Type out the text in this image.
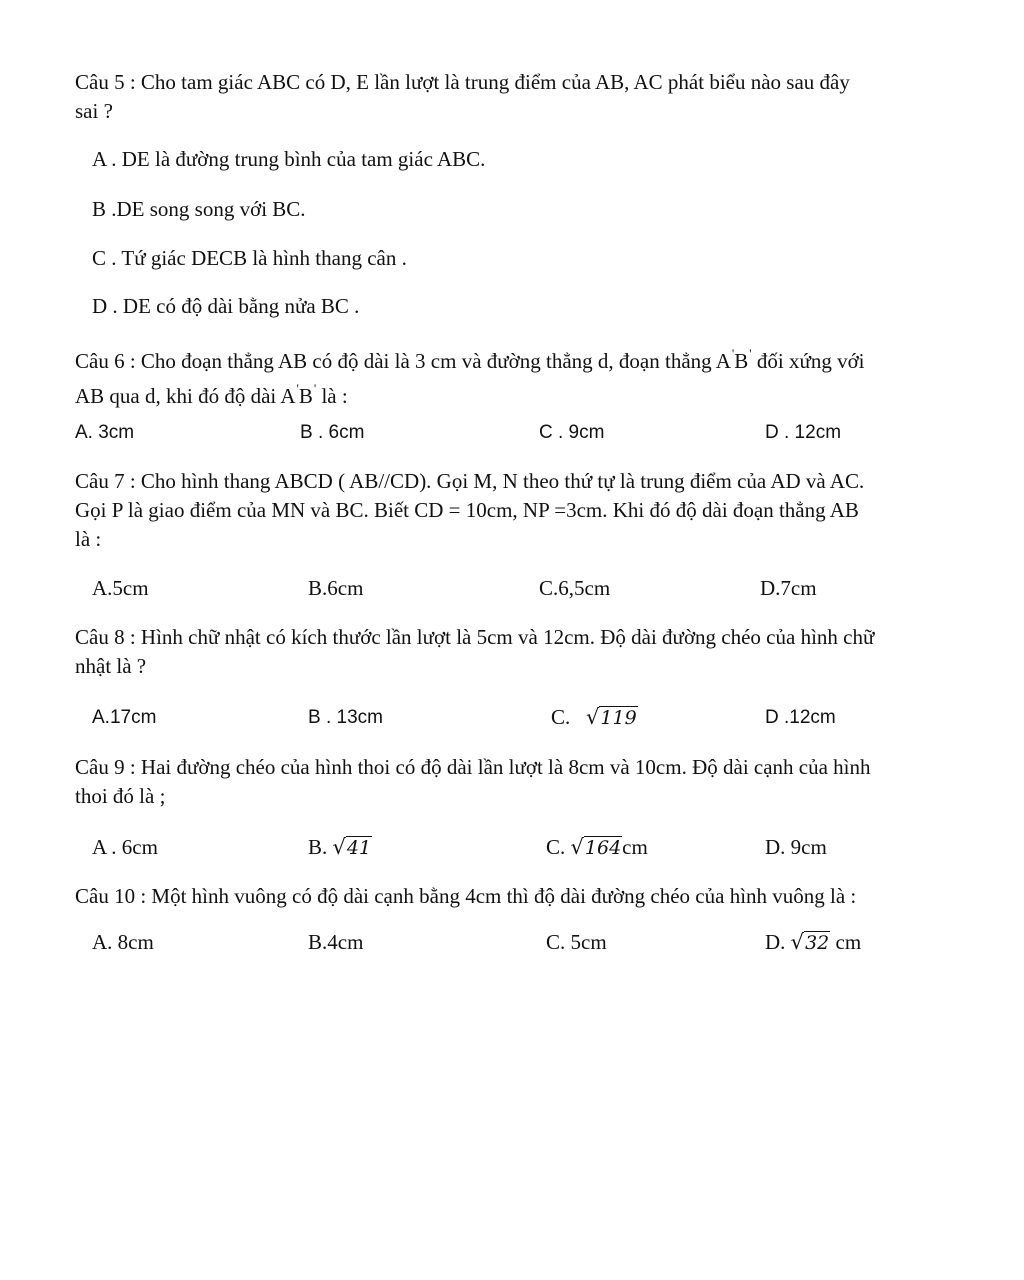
Câu 5 : Cho tam giác ABC có D, E lần lượt là trung điểm của AB, AC phát biểu nào sau đây
sai ?
A . DE là đường trung bình của tam giác ABC.
B .DE song song với BC.
C . Tứ giác DECB là hình thang cân .
D . DE có độ dài bằng nửa BC .
Câu 6 : Cho đoạn thẳng AB có độ dài là 3 cm và đường thẳng d, đoạn thẳng A'B' đối xứng với
AB qua d, khi đó độ dài A'B' là :
A. 3cm	B . 6cm	C . 9cm	D . 12cm
Câu 7 : Cho hình thang ABCD ( AB//CD). Gọi M, N theo thứ tự là trung điểm của AD và AC.
Gọi P là giao điểm của MN và BC. Biết CD = 10cm, NP =3cm. Khi đó độ dài đoạn thẳng AB
là :
A.5cm	B.6cm	C.6,5cm	D.7cm
Câu 8 : Hình chữ nhật có kích thước lần lượt là 5cm và 12cm. Độ dài đường chéo của hình chữ
nhật là ?
A.17cm	B . 13cm	C. √119	D .12cm
Câu 9 : Hai đường chéo của hình thoi có độ dài lần lượt là 8cm và 10cm. Độ dài cạnh của hình
thoi đó là ;
A . 6cm	B. √41	C. √164cm	D. 9cm
Câu 10 : Một hình vuông có độ dài cạnh bằng 4cm thì độ dài đường chéo của hình vuông là :
A. 8cm	B.4cm	C. 5cm	D. √32 cm
